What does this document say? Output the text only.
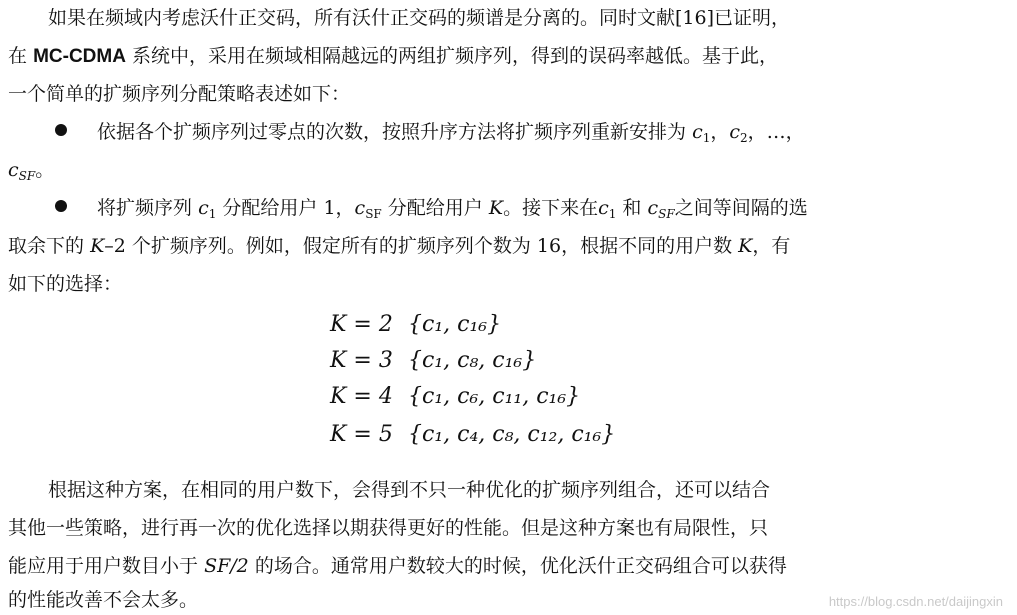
如果在频域内考虑沃什正交码，所有沃什正交码的频谱是分离的。同时文献[16]已证明，
在 MC-CDMA 系统中，采用在频域相隔越远的两组扩频序列，得到的误码率越低。基于此，
一个简单的扩频序列分配策略表述如下：
依据各个扩频序列过零点的次数，按照升序方法将扩频序列重新安排为 $c_1$，$c_2$，…，
$c_{SF}$。
将扩频序列 $c_1$ 分配给用户 1，$c_{SF}$ 分配给用户 K。接下来在$c_1$ 和 $c_{SF}$之间等间隔的选
取余下的 K–2 个扩频序列。例如，假定所有的扩频序列个数为 16，根据不同的用户数 K，有
如下的选择：
K = 2 {c₁, c₁₆}
K = 3 {c₁, c₈, c₁₆}
K = 4 {c₁, c₆, c₁₁, c₁₆}
K = 5 {c₁, c₄, c₈, c₁₂, c₁₆}
根据这种方案，在相同的用户数下，会得到不只一种优化的扩频序列组合，还可以结合
其他一些策略，进行再一次的优化选择以期获得更好的性能。但是这种方案也有局限性，只
能应用于用户数目小于 SF/2 的场合。通常用户数较大的时候，优化沃什正交码组合可以获得
的性能改善不会太多。	https://blog.csdn.net/daijingxin
